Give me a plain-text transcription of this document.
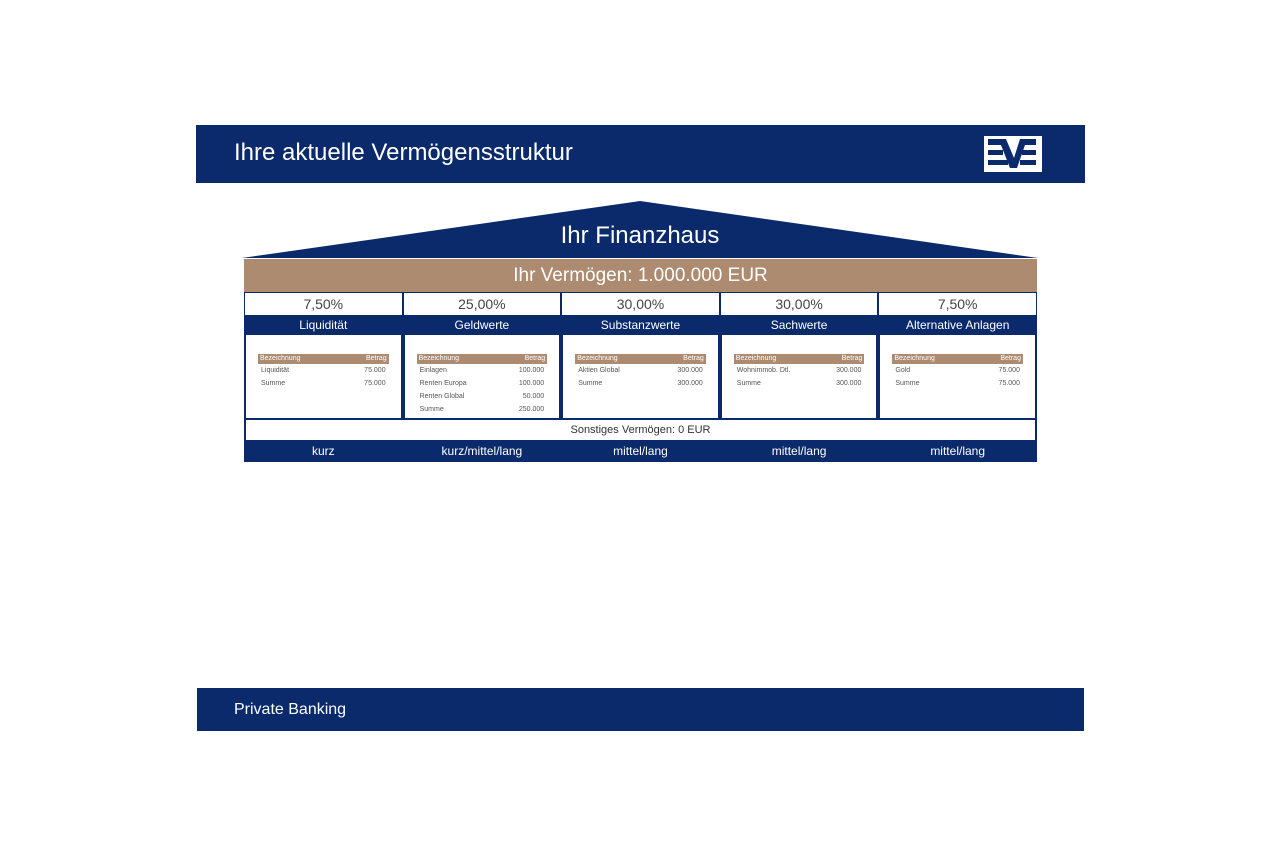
Ihre aktuelle Vermögensstruktur
Ihr Finanzhaus
Ihr Vermögen: 1.000.000 EUR
7,50%	25,00%	30,00%	30,00%	7,50%
Liquidität	Geldwerte	Substanzwerte	Sachwerte	Alternative Anlagen
Bezeichnung	Betrag
Liquidität	75.000
Summe	75.000
Bezeichnung	Betrag
Einlagen	100.000
Renten Europa	100.000
Renten Global	50.000
Summe	250.000
Bezeichnung	Betrag
Aktien Global	300.000
Summe	300.000
Bezeichnung	Betrag
Wohnimmob. Dtl.	300.000
Summe	300.000
Bezeichnung	Betrag
Gold	75.000
Summe	75.000
Sonstiges Vermögen: 0 EUR
kurz	kurz/mittel/lang	mittel/lang	mittel/lang	mittel/lang
Private Banking
